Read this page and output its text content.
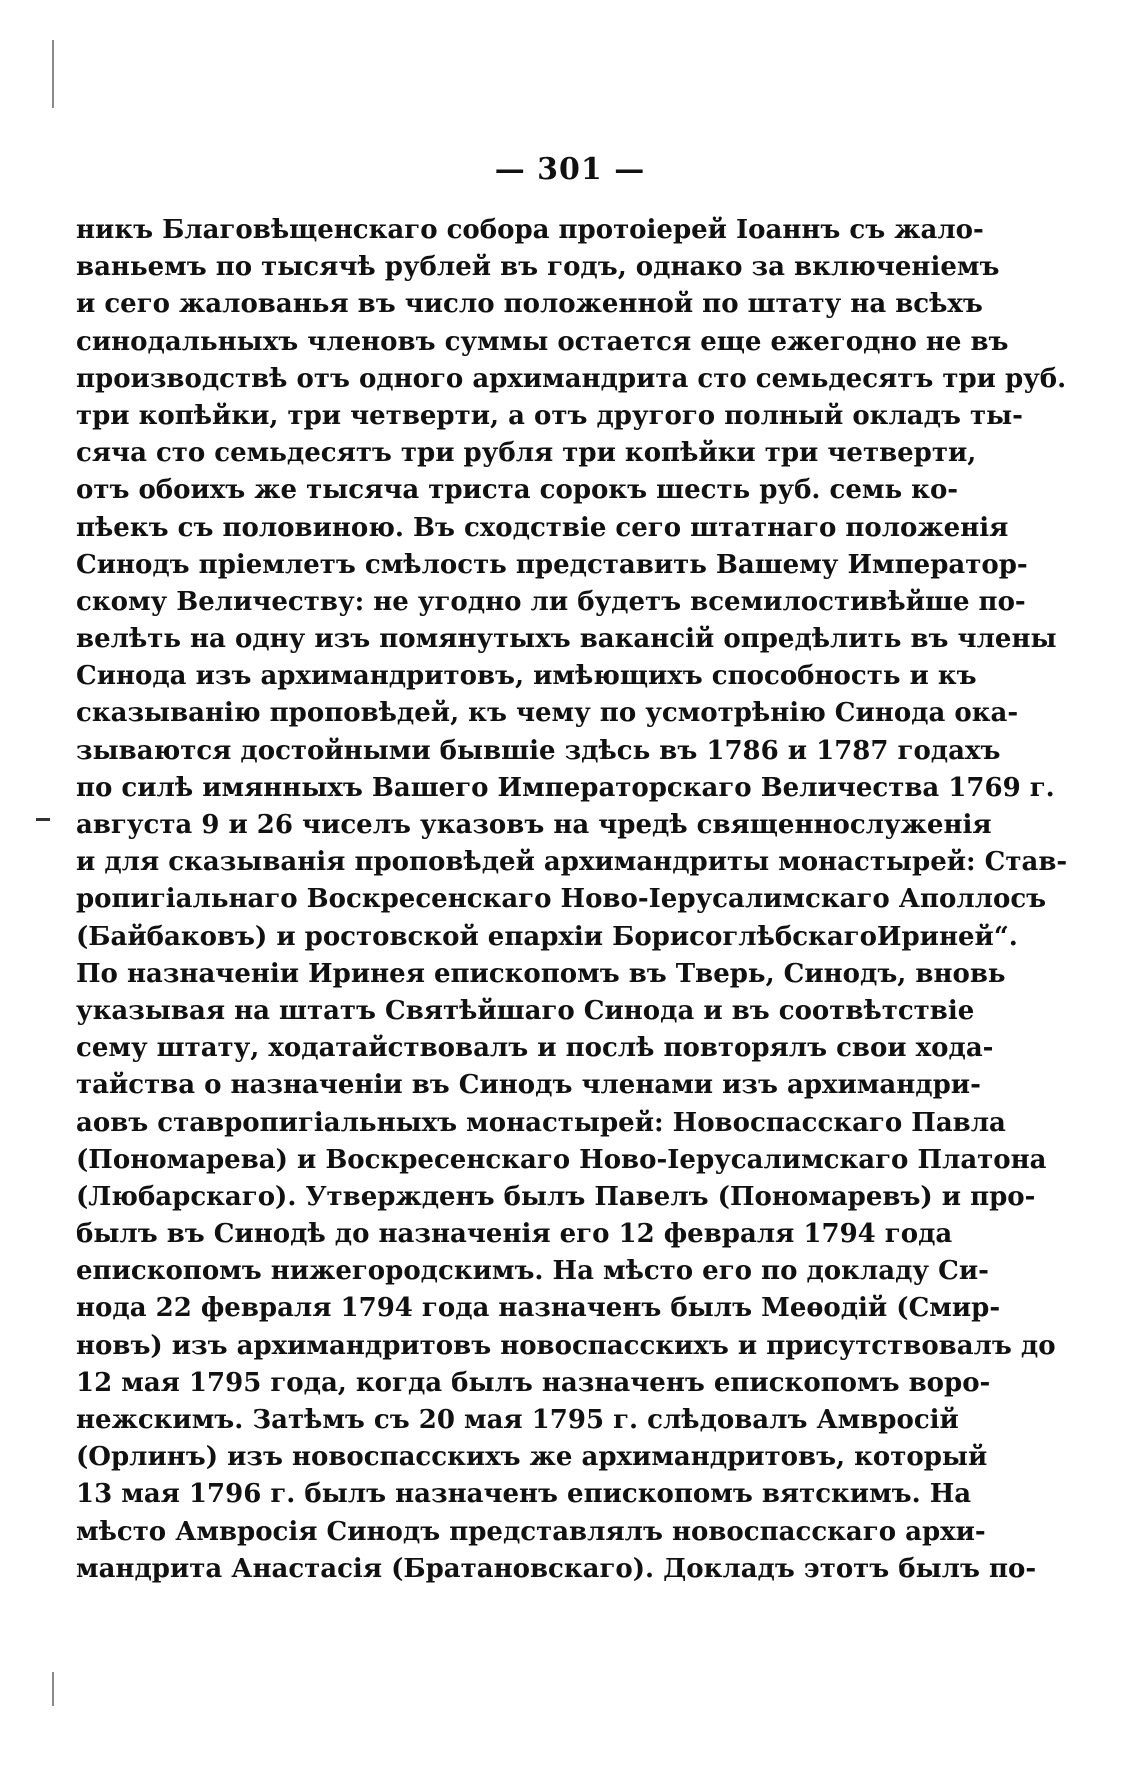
— 301 —
никъ Благовѣщенскаго собора протоіерей Іоаннъ съ жало-
ваньемъ по тысячѣ рублей въ годъ, однако за включеніемъ
и сего жалованья въ число положенной по штату на всѣхъ
синодальныхъ членовъ суммы остается еще ежегодно не въ
производствѣ отъ одного архимандрита сто семьдесятъ три руб.
три копѣйки, три четверти, а отъ другого полный окладъ ты-
сяча сто семьдесятъ три рубля три копѣйки три четверти,
отъ обоихъ же тысяча триста сорокъ шесть руб. семь ко-
пѣекъ съ половиною. Въ сходствіе сего штатнаго положенія
Синодъ пріемлетъ смѣлость представить Вашему Император-
скому Величеству: не угодно ли будетъ всемилостивѣйше по-
велѣть на одну изъ помянутыхъ вакансій опредѣлить въ члены
Синода изъ архимандритовъ, имѣющихъ способность и къ
сказыванію проповѣдей, къ чему по усмотрѣнію Синода ока-
зываются достойными бывшіе здѣсь въ 1786 и 1787 годахъ
по силѣ имянныхъ Вашего Императорскаго Величества 1769 г.
августа 9 и 26 чиселъ указовъ на чредѣ священнослуженія
и для сказыванія проповѣдей архимандриты монастырей: Став-
ропигіальнаго Воскресенскаго Ново-Іерусалимскаго Аполлосъ
(Байбаковъ) и ростовской епархіи БорисоглѣбскагоИриней“.
По назначеніи Иринея епископомъ въ Тверь, Синодъ, вновь
указывая на штатъ Святѣйшаго Синода и въ соотвѣтствіе
сему штату, ходатайствовалъ и послѣ повторялъ свои хода-
тайства о назначеніи въ Синодъ членами изъ архимандри-
аовъ ставропигіальныхъ монастырей: Новоспасскаго Павла
(Пономарева) и Воскресенскаго Ново-Іерусалимскаго Платона
(Любарскаго). Утвержденъ былъ Павелъ (Пономаревъ) и про-
былъ въ Синодѣ до назначенія его 12 февраля 1794 года
епископомъ нижегородскимъ. На мѣсто его по докладу Си-
нода 22 февраля 1794 года назначенъ былъ Меѳодій (Смир-
новъ) изъ архимандритовъ новоспасскихъ и присутствовалъ до
12 мая 1795 года, когда былъ назначенъ епископомъ воро-
нежскимъ. Затѣмъ съ 20 мая 1795 г. слѣдовалъ Амвросій
(Орлинъ) изъ новоспасскихъ же архимандритовъ, который
13 мая 1796 г. былъ назначенъ епископомъ вятскимъ. На
мѣсто Амвросія Синодъ представлялъ новоспасскаго архи-
мандрита Анастасія (Братановскаго). Докладъ этотъ былъ по-
